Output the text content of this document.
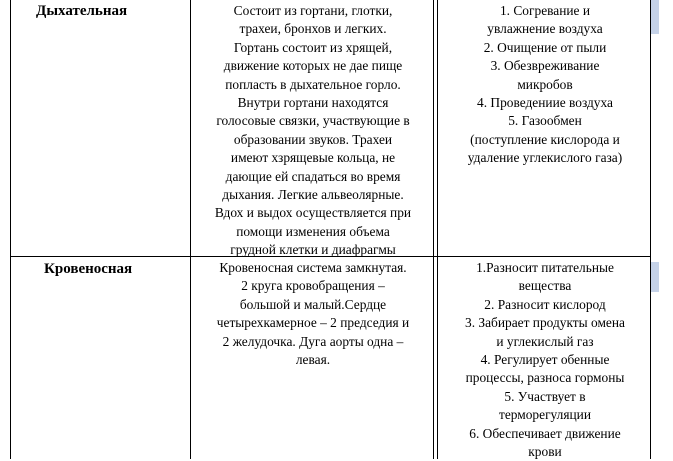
Дыхательная	Состоит из гортани, глотки,
трахеи, бронхов и легких.
Гортань состоит из хрящей,
движение которых не дае пище
попласть в дыхательное горло.
Внутри гортани находятся
голосовые связки, участвующие в
образовании звуков. Трахеи
имеют хзрящевые кольца, не
дающие ей спадаться во время
дыхания. Легкие альвеолярные.
Вдох и выдох осуществляется при
помощи изменения объема
грудной клетки и диафрагмы
1. Согревание и
увлажнение воздуха
2. Очищение от пыли
3. Обезвреживание
микробов
4. Проведениие воздуха
5. Газообмен
(поступление кислорода и
удаление углекислого газа)
Кровеносная	Кровеносная система замкнутая.
2 круга кровобращения –
большой и малый.Сердце
четырехкамерное – 2 председия и
2 желудочка. Дуга аорты одна –
левая.
1.Разносит питательные
вещества
2. Разносит кислород
3. Забирает продукты омена
и углекислый газ
4. Регулирует обенные
процессы, разноса гормоны
5. Участвует в
терморегуляции
6. Обеспечивает движение
крови
